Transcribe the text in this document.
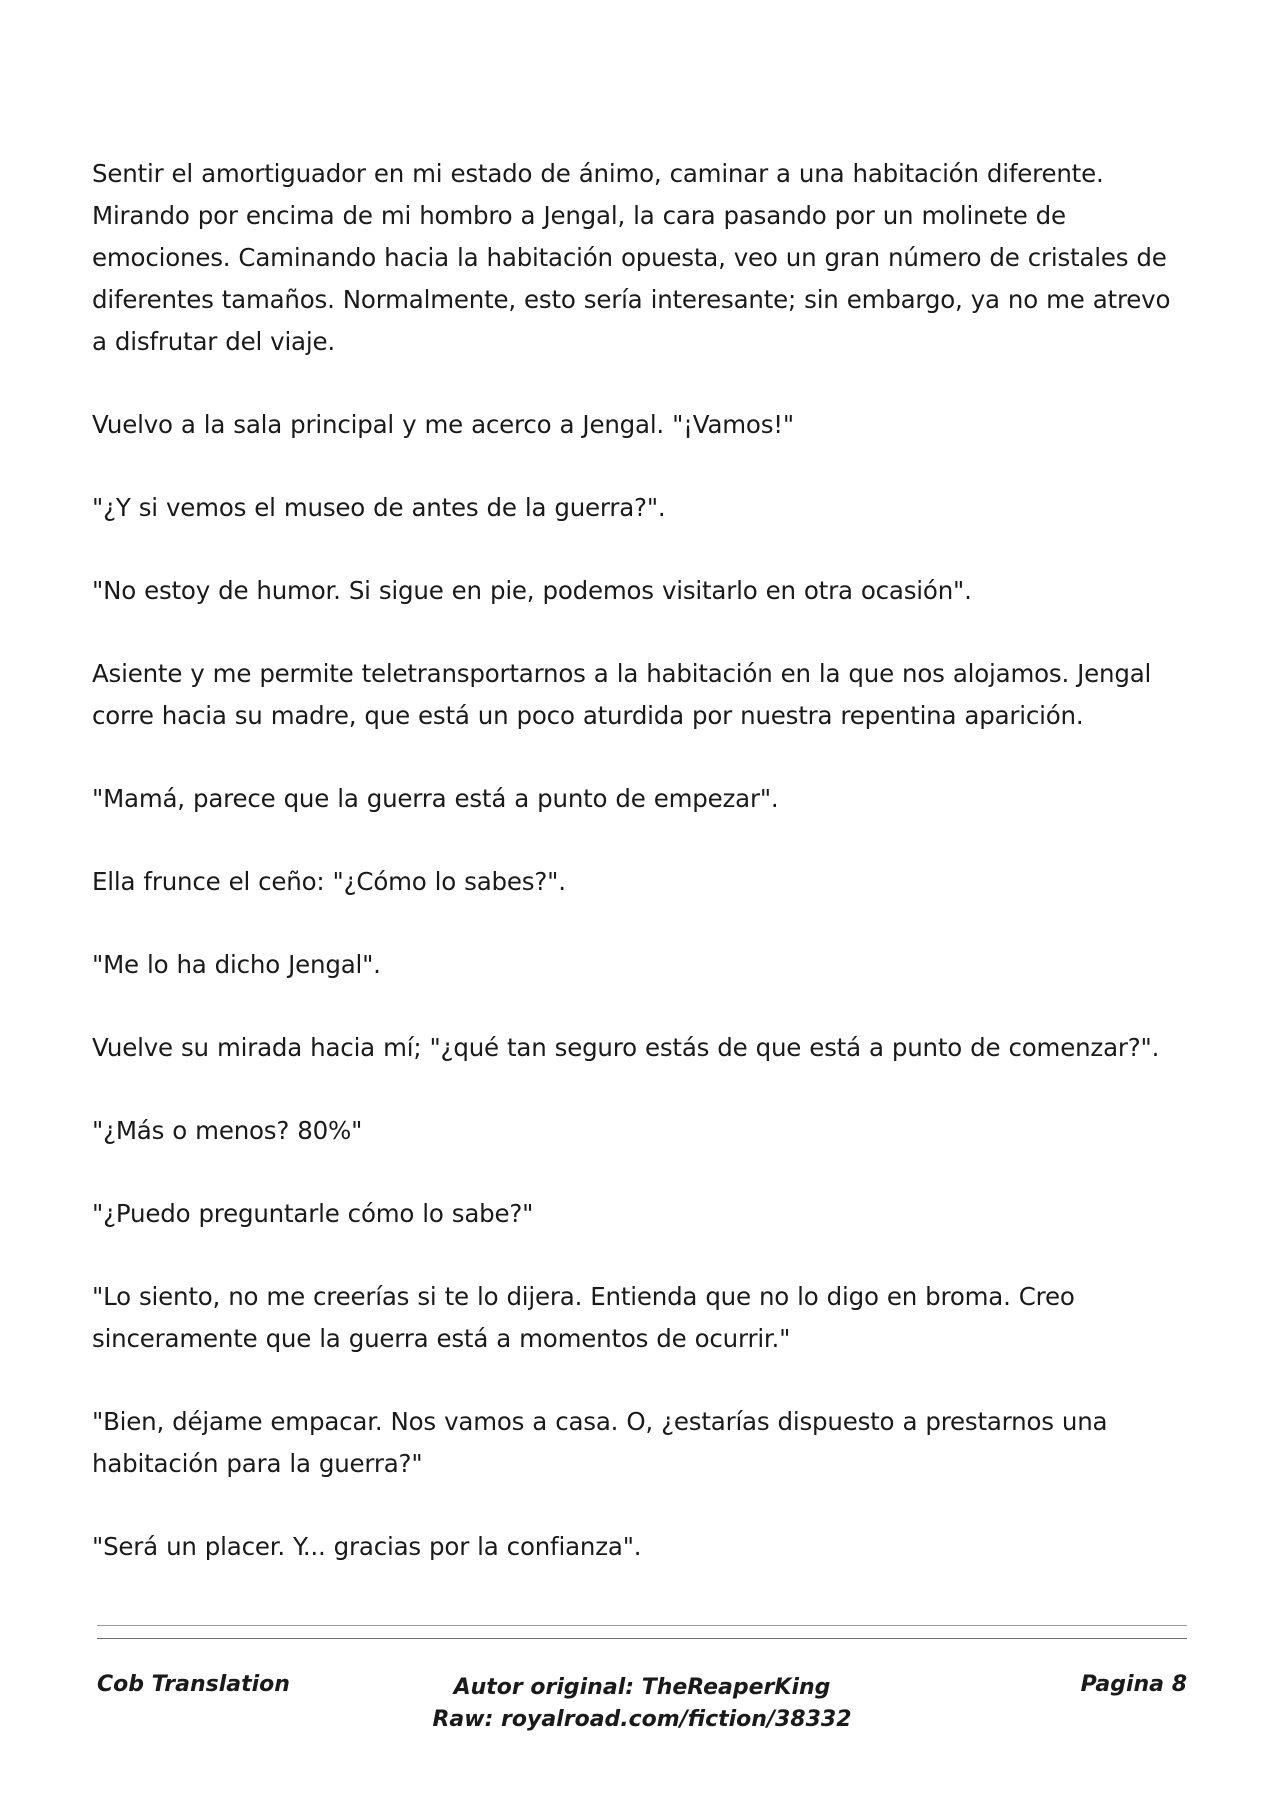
Sentir el amortiguador en mi estado de ánimo, caminar a una habitación diferente. Mirando por encima de mi hombro a Jengal, la cara pasando por un molinete de emociones. Caminando hacia la habitación opuesta, veo un gran número de cristales de diferentes tamaños. Normalmente, esto sería interesante; sin embargo, ya no me atrevo a disfrutar del viaje.

Vuelvo a la sala principal y me acerco a Jengal. "¡Vamos!"

"¿Y si vemos el museo de antes de la guerra?".

"No estoy de humor. Si sigue en pie, podemos visitarlo en otra ocasión".

Asiente y me permite teletransportarnos a la habitación en la que nos alojamos. Jengal corre hacia su madre, que está un poco aturdida por nuestra repentina aparición.

"Mamá, parece que la guerra está a punto de empezar".

Ella frunce el ceño: "¿Cómo lo sabes?".

"Me lo ha dicho Jengal".

Vuelve su mirada hacia mí; "¿qué tan seguro estás de que está a punto de comenzar?".

"¿Más o menos? 80%"

"¿Puedo preguntarle cómo lo sabe?"

"Lo siento, no me creerías si te lo dijera. Entienda que no lo digo en broma. Creo sinceramente que la guerra está a momentos de ocurrir."

"Bien, déjame empacar. Nos vamos a casa. O, ¿estarías dispuesto a prestarnos una habitación para la guerra?"

"Será un placer. Y... gracias por la confianza".

Cob Translation	Autor original: TheReaperKing
Raw: royalroad.com/fiction/38332
Pagina 8
